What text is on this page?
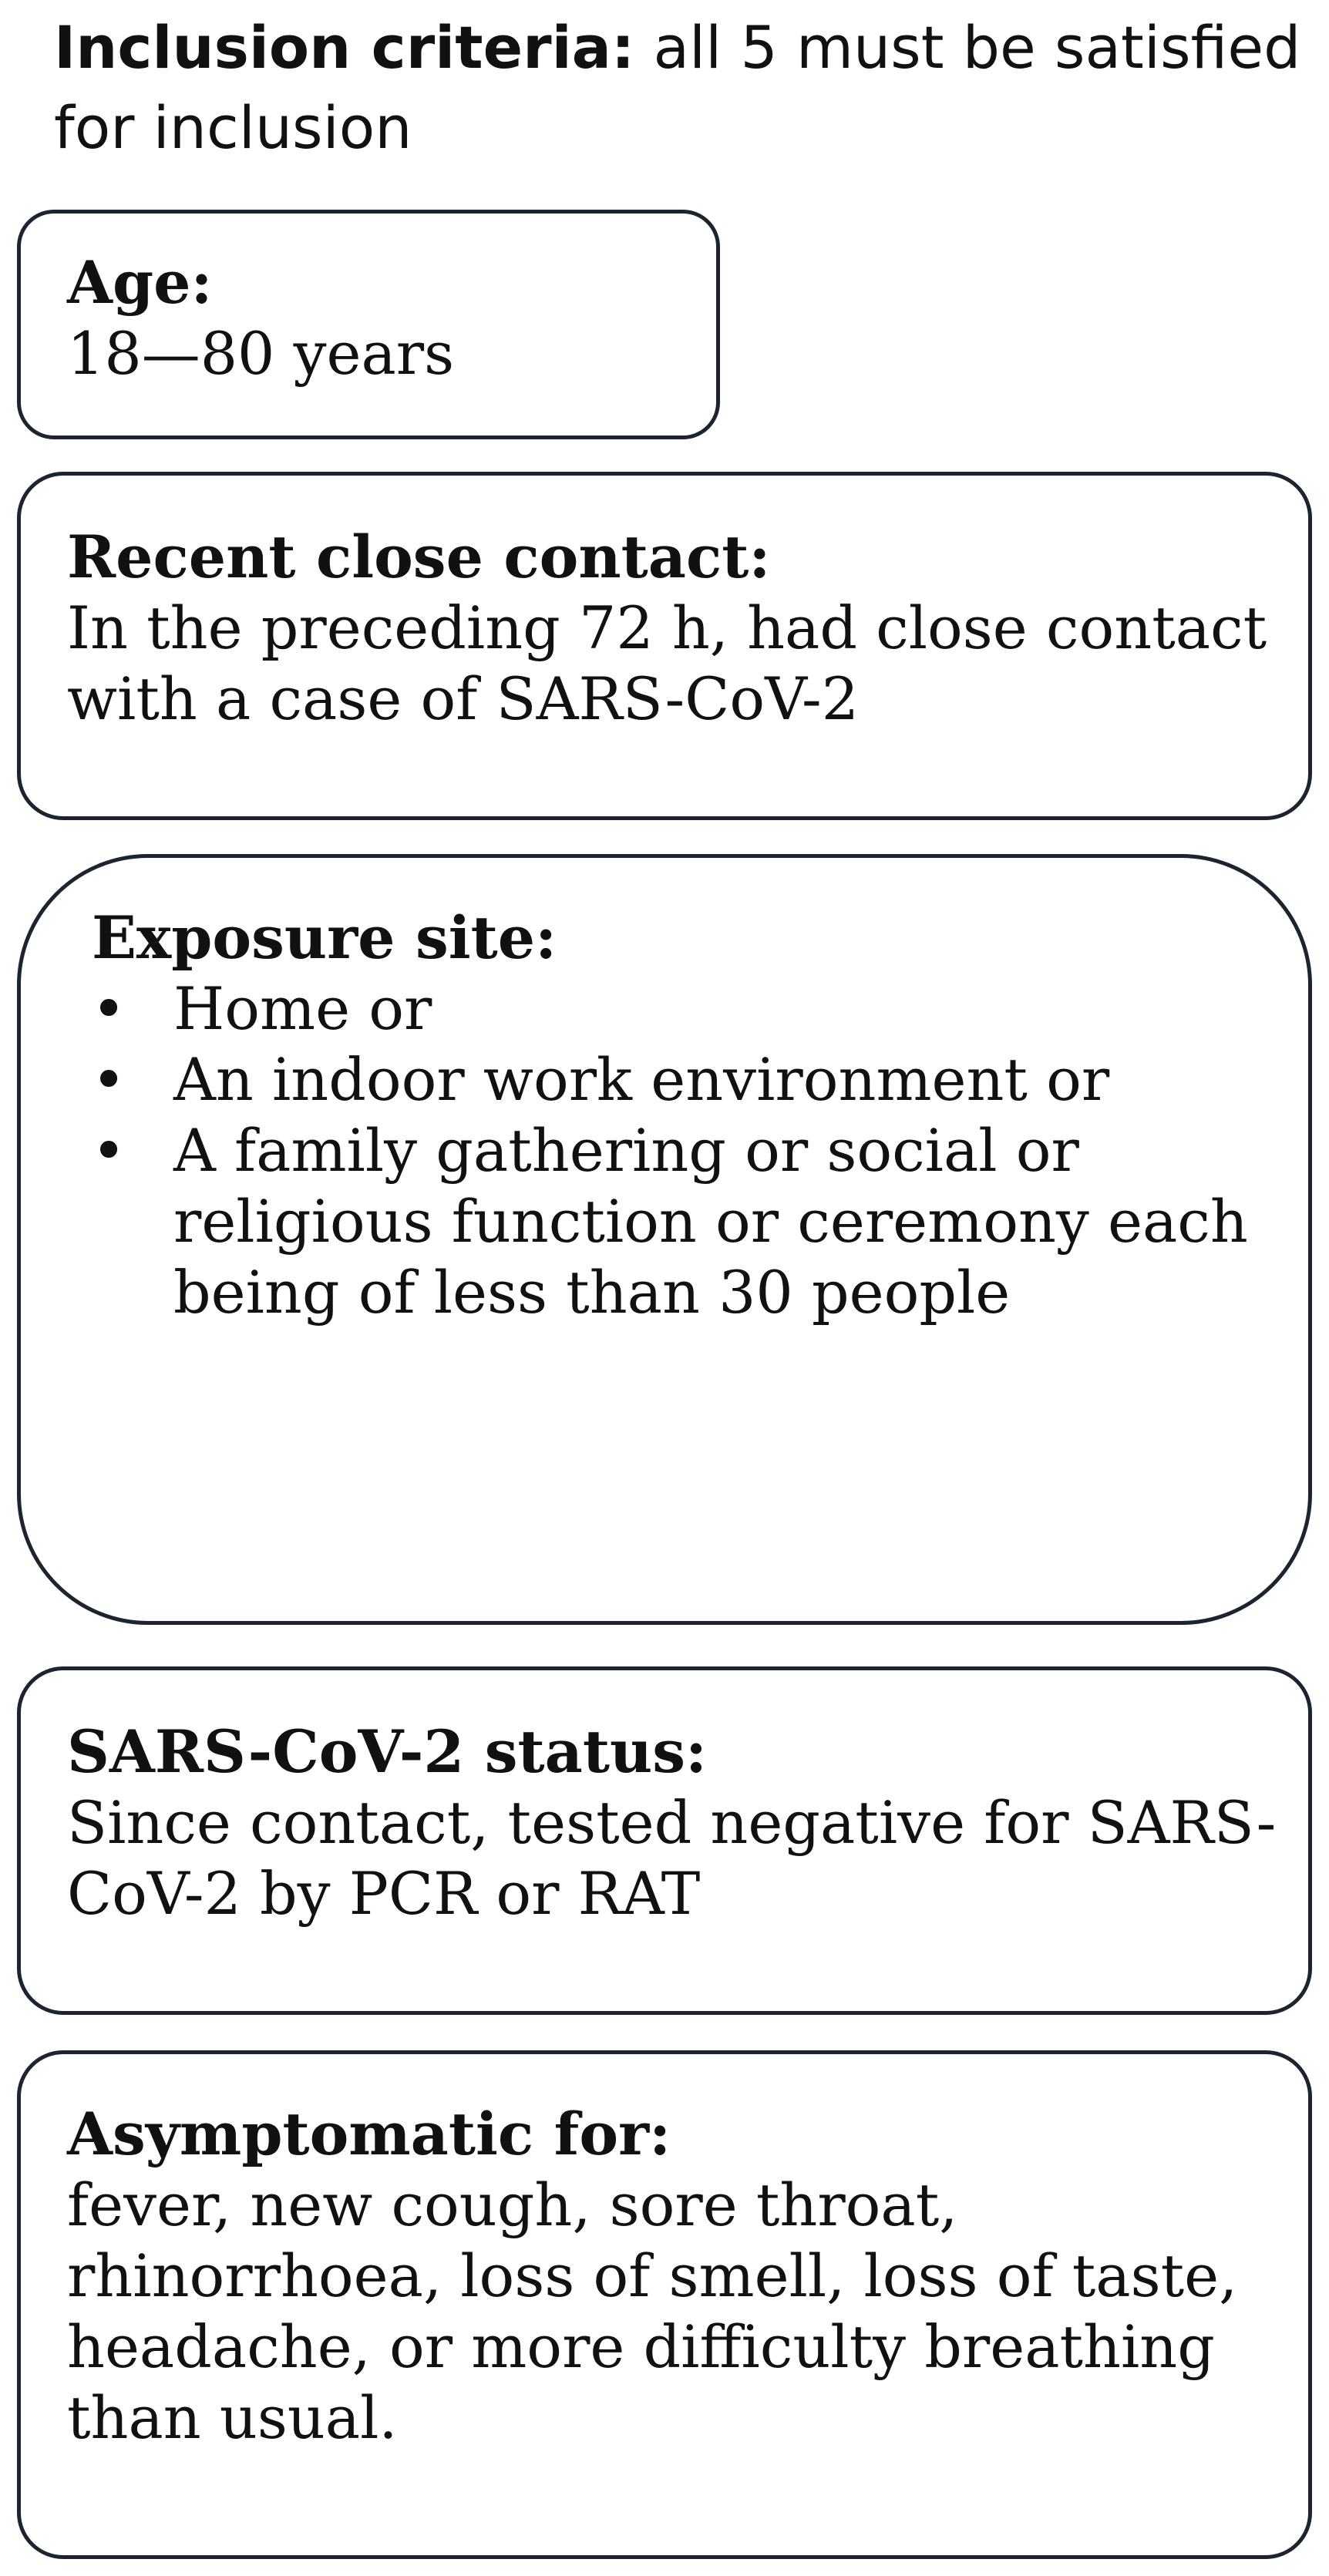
Inclusion criteria: all 5 must be satisfied for inclusion
Age:
18—80 years
Recent close contact:
In the preceding 72 h, had close contact with a case of SARS-CoV-2
Exposure site:
• Home or
• An indoor work environment or
• A family gathering or social or religious function or ceremony each being of less than 30 people
SARS-CoV-2 status:
Since contact, tested negative for SARS-CoV-2 by PCR or RAT
Asymptomatic for:
fever, new cough, sore throat, rhinorrhoea, loss of smell, loss of taste, headache, or more difficulty breathing than usual.
